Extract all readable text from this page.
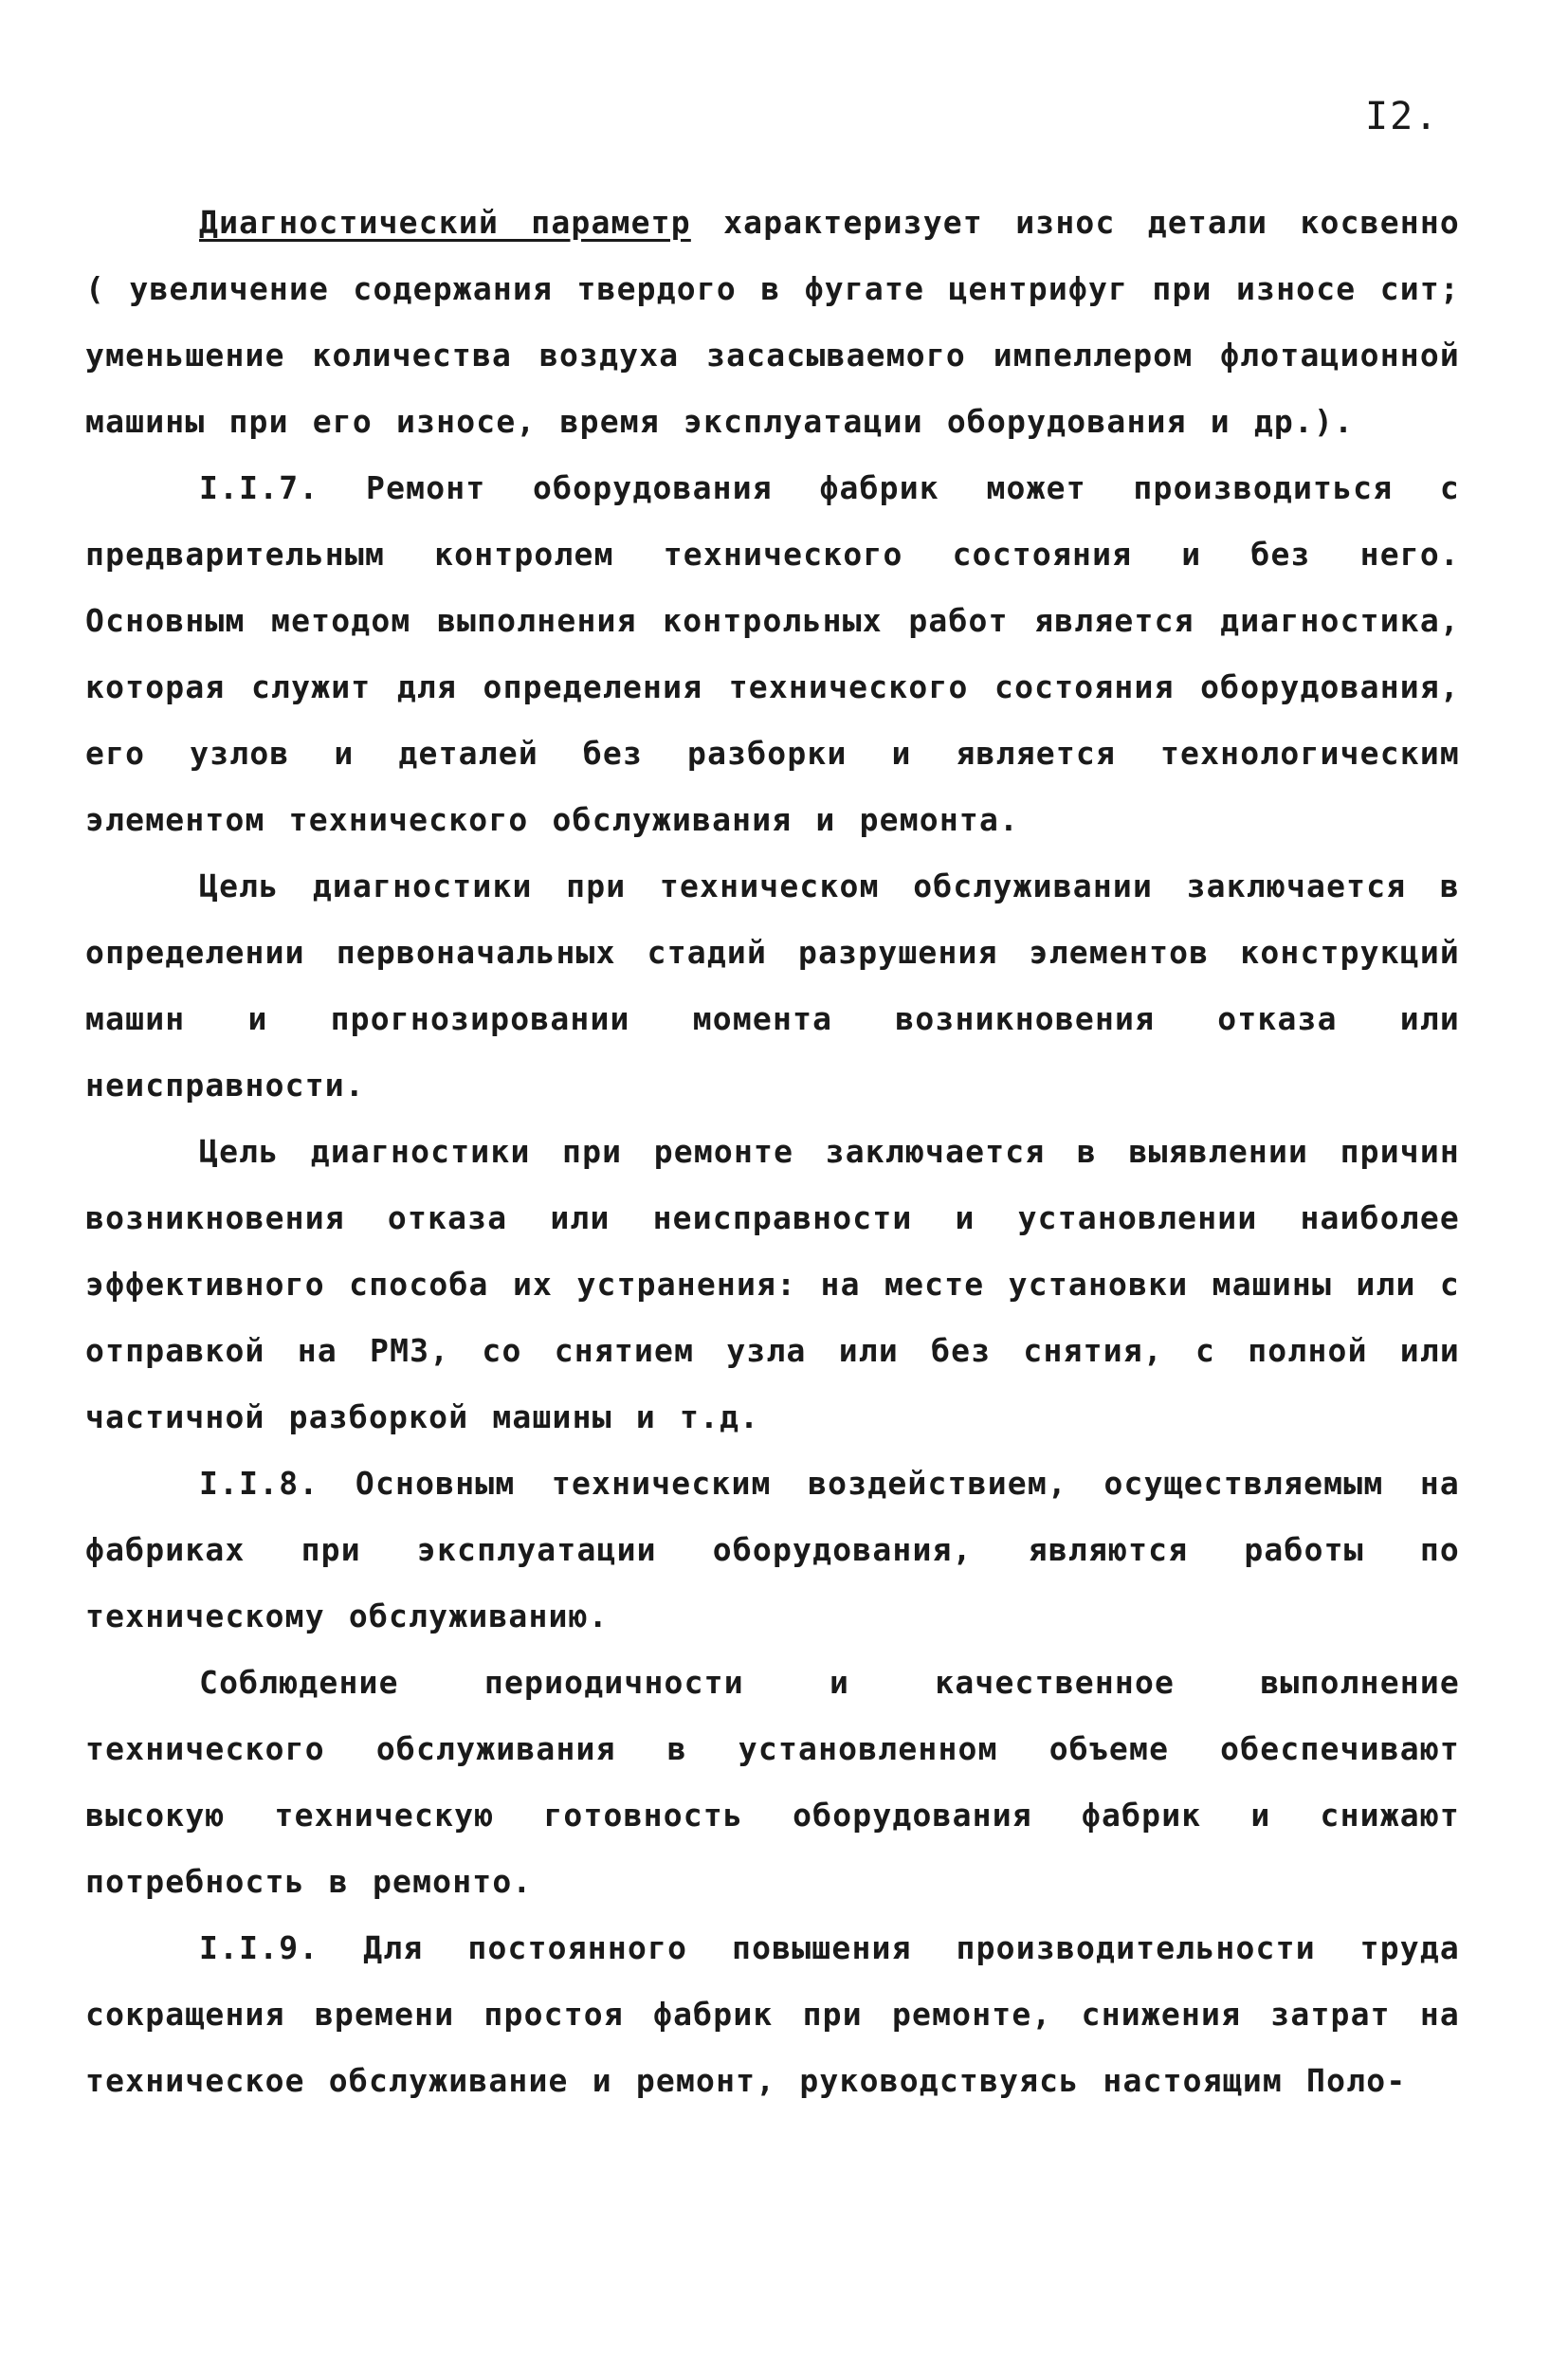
I2.

Диагностический параметр характеризует износ детали косвенно ( увеличение содержания твердого в фугате центрифуг при износе сит; уменьшение количества воздуха засасываемого импеллером флотационной машины при его износе, время эксплуатации оборудования и др.).

I.I.7. Ремонт оборудования фабрик может производиться с предварительным контролем технического состояния и без него. Основным методом выполнения контрольных работ является диагностика, которая служит для определения технического состояния оборудования, его узлов и деталей без разборки и является технологическим элементом технического обслуживания и ремонта.

Цель диагностики при техническом обслуживании заключается в определении первоначальных стадий разрушения элементов конструкций машин и прогнозировании момента возникновения отказа или неисправности.

Цель диагностики при ремонте заключается в выявлении причин возникновения отказа или неисправности и установлении наиболее эффективного способа их устранения: на месте установки машины или с отправкой на РМЗ, со снятием узла или без снятия, с полной или частичной разборкой машины и т.д.

I.I.8. Основным техническим воздействием, осуществляемым на фабриках при эксплуатации оборудования, являются работы по техническому обслуживанию.

Соблюдение периодичности и качественное выполнение технического обслуживания в установленном объеме обеспечивают высокую техническую готовность оборудования фабрик и снижают потребность в ремонто.

I.I.9. Для постоянного повышения производительности труда сокращения времени простоя фабрик при ремонте, снижения затрат на техническое обслуживание и ремонт, руководствуясь настоящим Поло-
